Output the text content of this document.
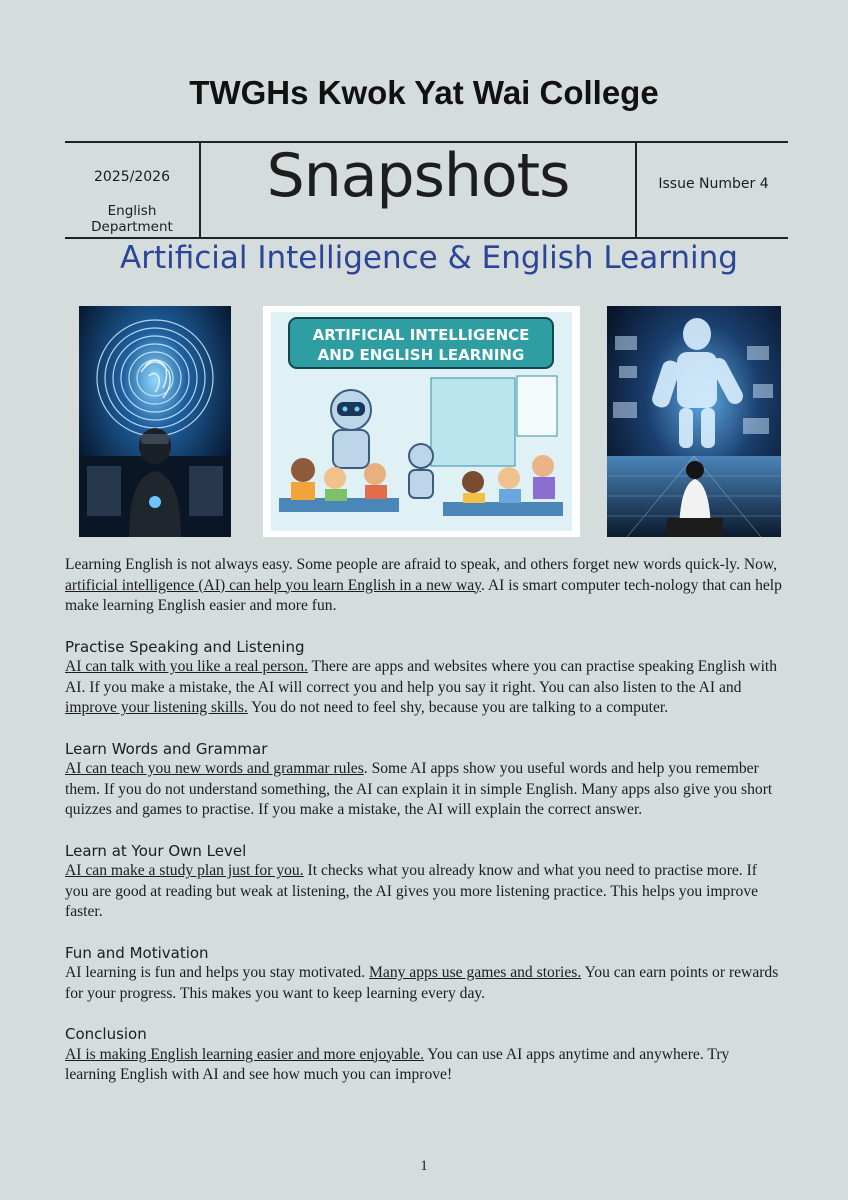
TWGHs Kwok Yat Wai College
2025/2026
English Department
Snapshots	Issue Number 4
Artificial Intelligence & English Learning
ARTIFICIAL INTELLIGENCE
AND ENGLISH LEARNING

Learning English is not always easy. Some people are afraid to speak, and others forget new words quick-ly. Now, artificial intelligence (AI) can help you learn English in a new way. AI is smart computer tech-nology that can help make learning English easier and more fun.

Practise Speaking and Listening

AI can talk with you like a real person. There are apps and websites where you can practise speaking English with AI. If you make a mistake, the AI will correct you and help you say it right. You can also listen to the AI and improve your listening skills. You do not need to feel shy, because you are talking to a computer.

Learn Words and Grammar

AI can teach you new words and grammar rules. Some AI apps show you useful words and help you remember them. If you do not understand something, the AI can explain it in simple English. Many apps also give you short quizzes and games to practise. If you make a mistake, the AI will explain the correct answer.

Learn at Your Own Level

AI can make a study plan just for you. It checks what you already know and what you need to practise more. If you are good at reading but weak at listening, the AI gives you more listening practice. This helps you improve faster.

Fun and Motivation

AI learning is fun and helps you stay motivated. Many apps use games and stories. You can earn points or rewards for your progress. This makes you want to keep learning every day.

Conclusion

AI is making English learning easier and more enjoyable. You can use AI apps anytime and anywhere. Try learning English with AI and see how much you can improve!

1
